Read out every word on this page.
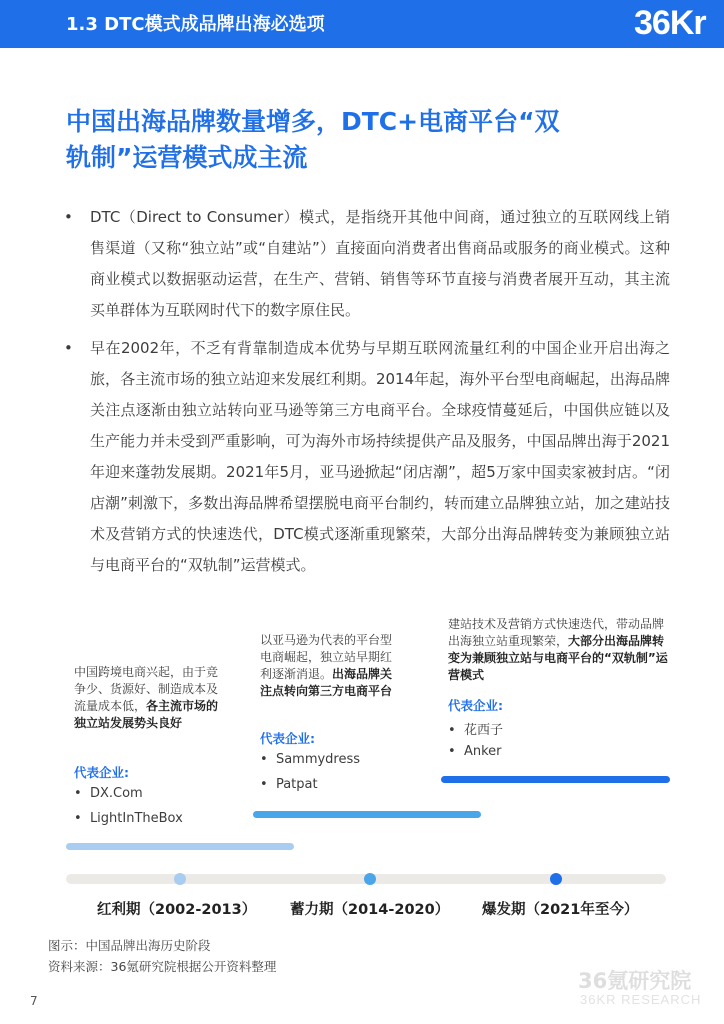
1.3 DTC模式成品牌出海必选项	36Kr
中国出海品牌数量增多，DTC+电商平台“双
轨制”运营模式成主流
• DTC（Direct to Consumer）模式，是指绕开其他中间商，通过独立的互联网线上销售渠道（又称“独立站”或“自建站”）直接面向消费者出售商品或服务的商业模式。这种商业模式以数据驱动运营，在生产、营销、销售等环节直接与消费者展开互动，其主流买单群体为互联网时代下的数字原住民。
• 早在2002年，不乏有背靠制造成本优势与早期互联网流量红利的中国企业开启出海之旅，各主流市场的独立站迎来发展红利期。2014年起，海外平台型电商崛起，出海品牌关注点逐渐由独立站转向亚马逊等第三方电商平台。全球疫情蔓延后，中国供应链以及生产能力并未受到严重影响，可为海外市场持续提供产品及服务，中国品牌出海于2021年迎来蓬勃发展期。2021年5月，亚马逊掀起“闭店潮”，超5万家中国卖家被封店。“闭店潮”刺激下，多数出海品牌希望摆脱电商平台制约，转而建立品牌独立站，加之建站技术及营销方式的快速迭代，DTC模式逐渐重现繁荣，大部分出海品牌转变为兼顾独立站与电商平台的“双轨制”运营模式。
中国跨境电商兴起，由于竞争少、货源好、制造成本及流量成本低，各主流市场的独立站发展势头良好
代表企业:
•  DX.Com
•  LightInTheBox
以亚马逊为代表的平台型电商崛起，独立站早期红利逐渐消退。出海品牌关注点转向第三方电商平台
代表企业:
•  Sammydress
•  Patpat
建站技术及营销方式快速迭代，带动品牌出海独立站重现繁荣，大部分出海品牌转变为兼顾独立站与电商平台的“双轨制”运营模式
代表企业:
•  花西子
•  Anker
红利期（2002-2013） 蓄力期（2014-2020） 爆发期（2021年至今）
图示：中国品牌出海历史阶段
资料来源：36氪研究院根据公开资料整理
7
36氪研究院
36KR RESEARCH
